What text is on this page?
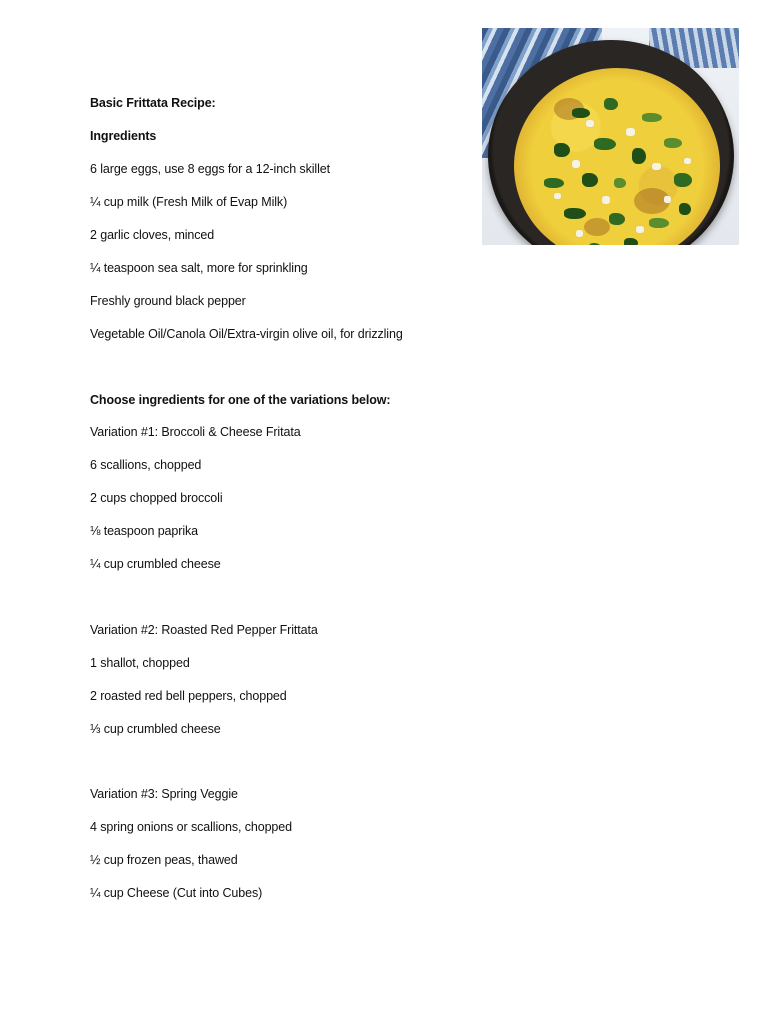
Basic Frittata Recipe:
Ingredients
6 large eggs, use 8 eggs for a 12-inch skillet
¼ cup milk (Fresh Milk of Evap Milk)
2 garlic cloves, minced
¼ teaspoon sea salt, more for sprinkling
Freshly ground black pepper
Vegetable Oil/Canola Oil/Extra-virgin olive oil, for drizzling
Choose ingredients for one of the variations below:
Variation #1: Broccoli & Cheese Fritata
6 scallions, chopped
2 cups chopped broccoli
⅛ teaspoon paprika
¼ cup crumbled cheese
Variation #2: Roasted Red Pepper Frittata
1 shallot, chopped
2 roasted red bell peppers, chopped
⅓ cup crumbled cheese
Variation #3: Spring Veggie
4 spring onions or scallions, chopped
½ cup frozen peas, thawed
¼ cup Cheese (Cut into Cubes)
